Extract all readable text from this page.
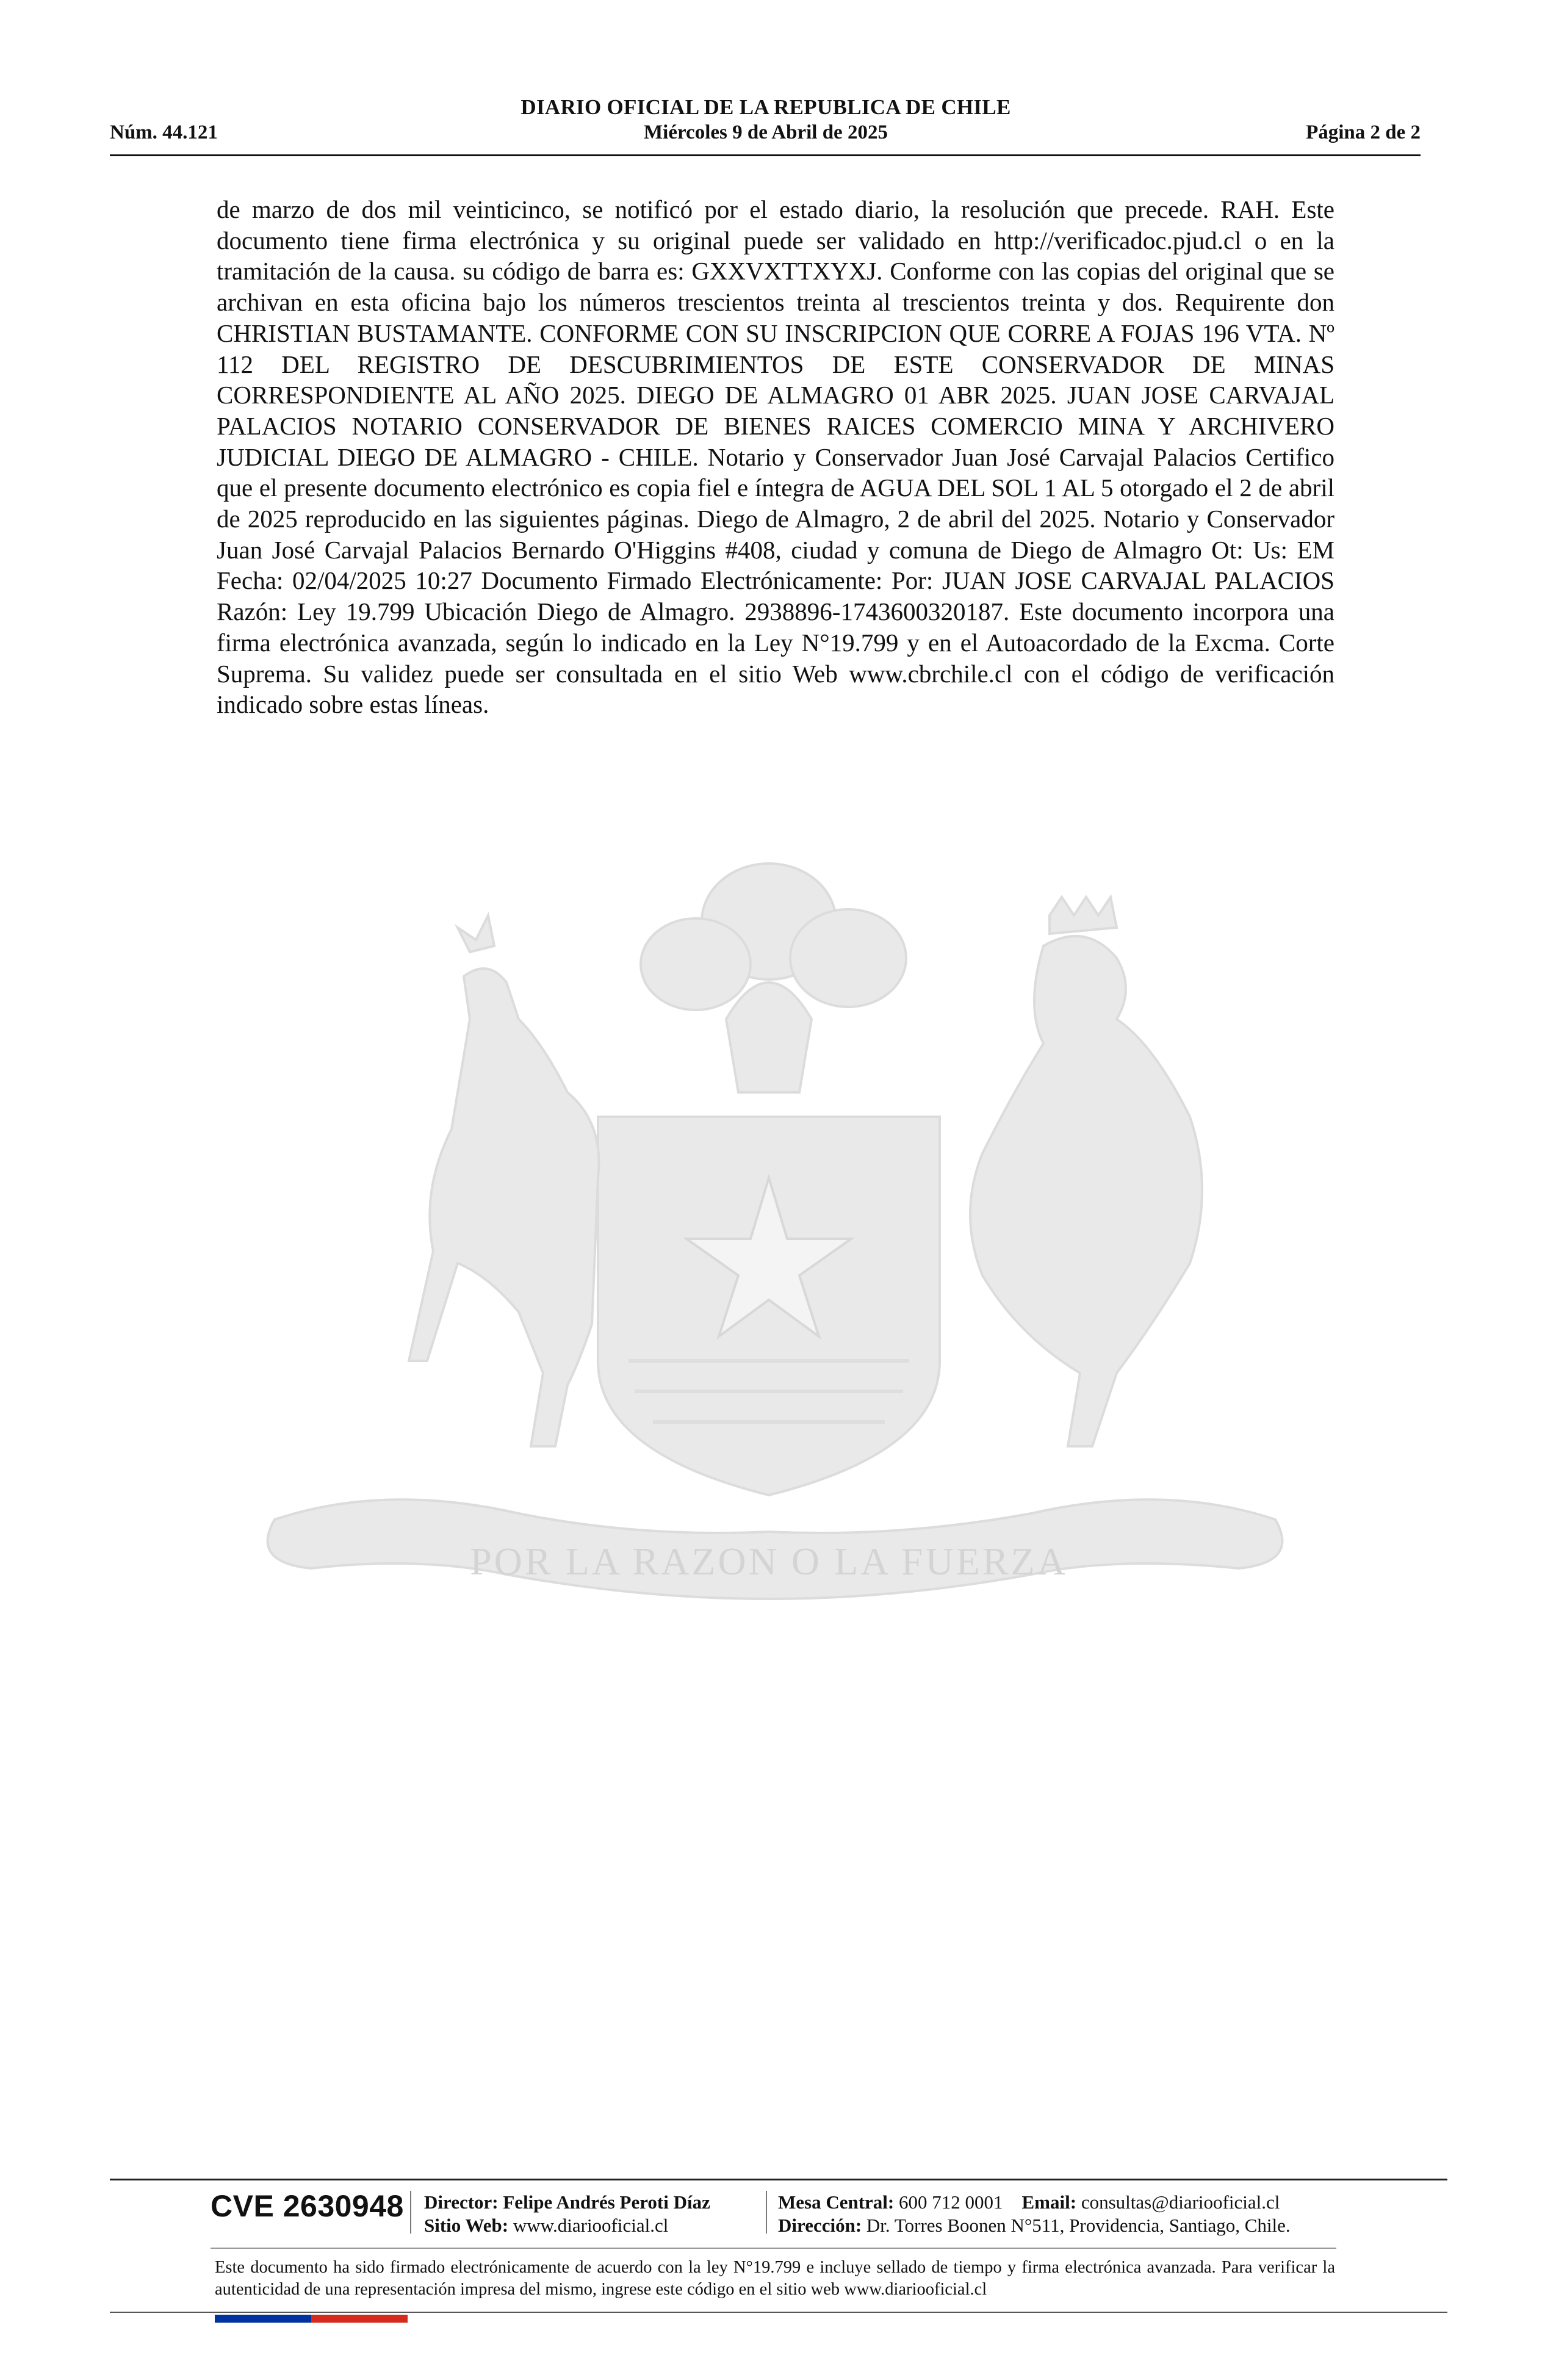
DIARIO OFICIAL DE LA REPUBLICA DE CHILE
Núm. 44.121	Miércoles 9 de Abril de 2025	Página 2 de 2

de marzo de dos mil veinticinco, se notificó por el estado diario, la resolución que precede. RAH. Este documento tiene firma electrónica y su original puede ser validado en http://verificadoc.pjud.cl o en la tramitación de la causa. su código de barra es: GXXVXTTXYXJ. Conforme con las copias del original que se archivan en esta oficina bajo los números trescientos treinta al trescientos treinta y dos. Requirente don CHRISTIAN BUSTAMANTE. CONFORME CON SU INSCRIPCION QUE CORRE A FOJAS 196 VTA. Nº 112 DEL REGISTRO DE DESCUBRIMIENTOS DE ESTE CONSERVADOR DE MINAS CORRESPONDIENTE AL AÑO 2025. DIEGO DE ALMAGRO 01 ABR 2025. JUAN JOSE CARVAJAL PALACIOS NOTARIO CONSERVADOR DE BIENES RAICES COMERCIO MINA Y ARCHIVERO JUDICIAL DIEGO DE ALMAGRO - CHILE. Notario y Conservador Juan José Carvajal Palacios Certifico que el presente documento electrónico es copia fiel e íntegra de AGUA DEL SOL 1 AL 5 otorgado el 2 de abril de 2025 reproducido en las siguientes páginas. Diego de Almagro, 2 de abril del 2025. Notario y Conservador Juan José Carvajal Palacios Bernardo O'Higgins #408, ciudad y comuna de Diego de Almagro Ot: Us: EM Fecha: 02/04/2025 10:27 Documento Firmado Electrónicamente: Por: JUAN JOSE CARVAJAL PALACIOS Razón: Ley 19.799 Ubicación Diego de Almagro. 2938896-1743600320187. Este documento incorpora una firma electrónica avanzada, según lo indicado en la Ley N°19.799 y en el Autoacordado de la Excma. Corte Suprema. Su validez puede ser consultada en el sitio Web www.cbrchile.cl con el código de verificación indicado sobre estas líneas.

POR LA RAZON O LA FUERZA
CVE 2630948 Director: Felipe Andrés Peroti Díaz
Sitio Web: www.diariooficial.cl
Mesa Central: 600 712 0001 Email: consultas@diariooficial.cl
Dirección: Dr. Torres Boonen N°511, Providencia, Santiago, Chile.

Este documento ha sido firmado electrónicamente de acuerdo con la ley N°19.799 e incluye sellado de tiempo y firma electrónica avanzada. Para verificar la autenticidad de una representación impresa del mismo, ingrese este código en el sitio web www.diariooficial.cl
